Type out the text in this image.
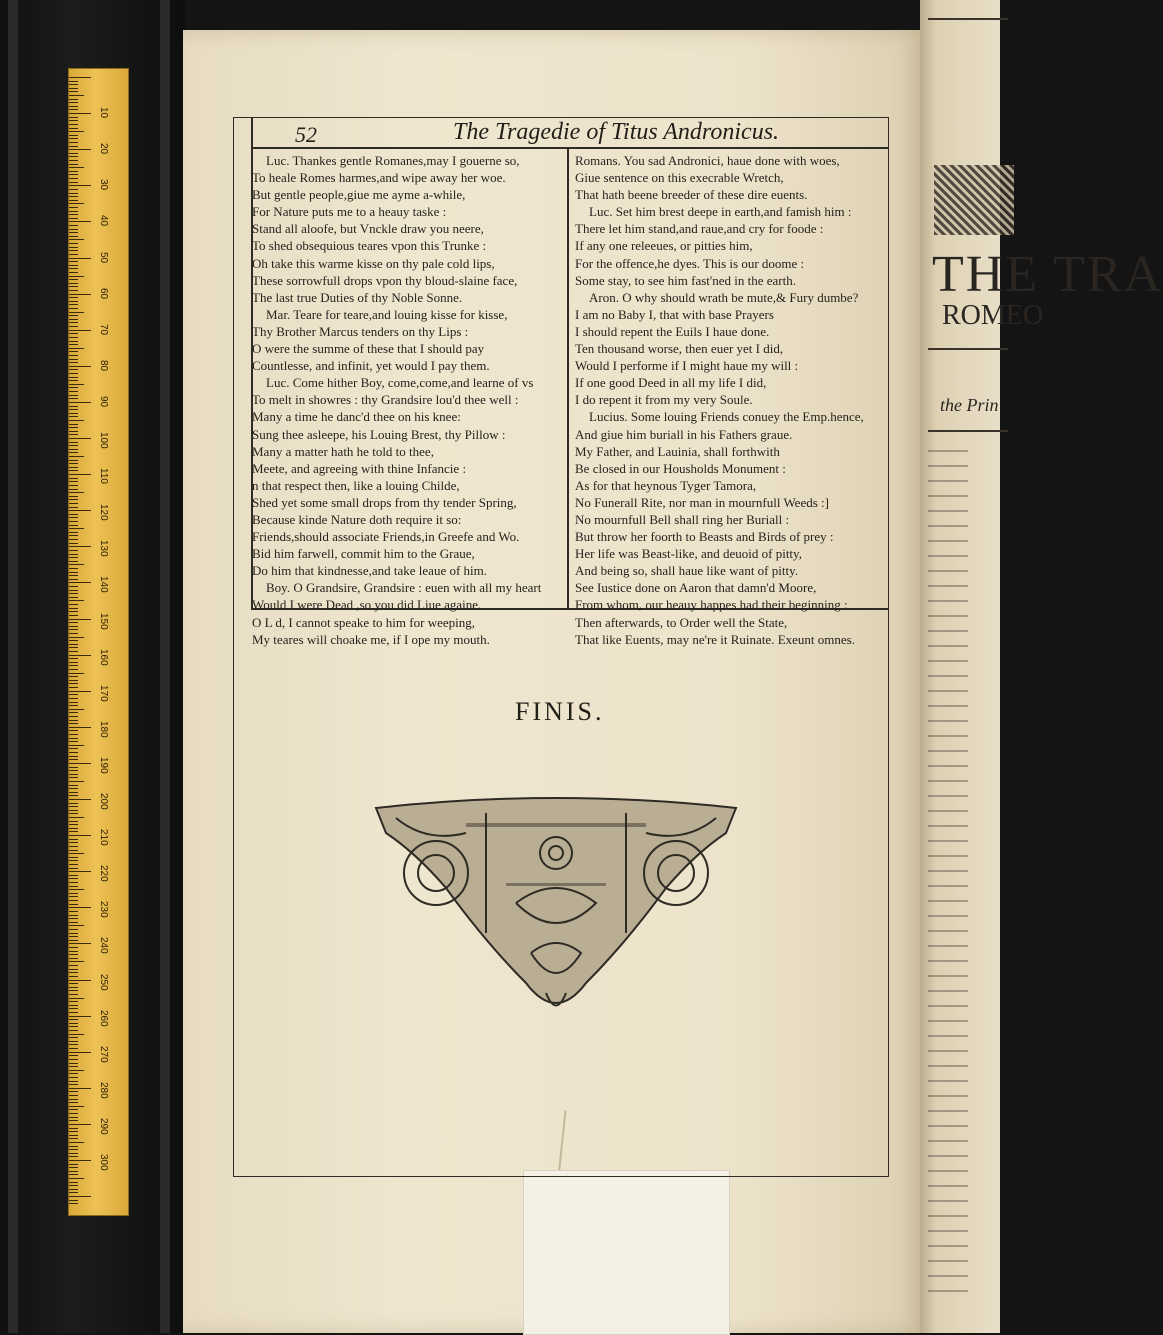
10
20
30
40
50
60
70
80
90
100
110
120
130
140
150
160
170
180
190
200
210
220
230
240
250
260
270
280
290
300
THE TRA
ROMEO
the Prin
52	The Tragedie of Titus Andronicus.
Luc. Thankes gentle Romanes,may I gouerne so,
To heale Romes harmes,and wipe away her woe.
But gentle people,giue me ayme a-while,
For Nature puts me to a heauy taske :
Stand all aloofe, but Vnckle draw you neere,
To shed obsequious teares vpon this Trunke :
Oh take this warme kisse on thy pale cold lips,
These sorrowfull drops vpon thy bloud-slaine face,
The last true Duties of thy Noble Sonne.
Mar. Teare for teare,and louing kisse for kisse,
Thy Brother Marcus tenders on thy Lips :
O were the summe of these that I should pay
Countlesse, and infinit, yet would I pay them.
Luc. Come hither Boy, come,come,and learne of vs
To melt in showres : thy Grandsire lou'd thee well :
Many a time he danc'd thee on his knee:
Sung thee asleepe, his Louing Brest, thy Pillow :
Many a matter hath he told to thee,
Meete, and agreeing with thine Infancie :
n that respect then, like a louing Childe,
Shed yet some small drops from thy tender Spring,
Because kinde Nature doth require it so:
Friends,should associate Friends,in Greefe and Wo.
Bid him farwell, commit him to the Graue,
Do him that kindnesse,and take leaue of him.
Boy. O Grandsire, Grandsire : euen with all my heart
Would I were Dead ,so you did Liue againe.
O L d, I cannot speake to him for weeping,
My teares will choake me, if I ope my mouth.
Romans. You sad Andronici, haue done with woes,
Giue sentence on this execrable Wretch,
That hath beene breeder of these dire euents.
Luc. Set him brest deepe in earth,and famish him :
There let him stand,and raue,and cry for foode :
If any one releeues, or pitties him,
For the offence,he dyes. This is our doome :
Some stay, to see him fast'ned in the earth.
Aron. O why should wrath be mute,& Fury dumbe?
I am no Baby I, that with base Prayers
I should repent the Euils I haue done.
Ten thousand worse, then euer yet I did,
Would I performe if I might haue my will :
If one good Deed in all my life I did,
I do repent it from my very Soule.
Lucius. Some louing Friends conuey the Emp.hence,
And giue him buriall in his Fathers graue.
My Father, and Lauinia, shall forthwith
Be closed in our Housholds Monument :
As for that heynous Tyger Tamora,
No Funerall Rite, nor man in mournfull Weeds :]
No mournfull Bell shall ring her Buriall :
But throw her foorth to Beasts and Birds of prey :
Her life was Beast-like, and deuoid of pitty,
And being so, shall haue like want of pitty.
See Iustice done on Aaron that damn'd Moore,
From whom, our heauy happes had their beginning :
Then afterwards, to Order well the State,
That like Euents, may ne're it Ruinate. Exeunt omnes.
FINIS.
